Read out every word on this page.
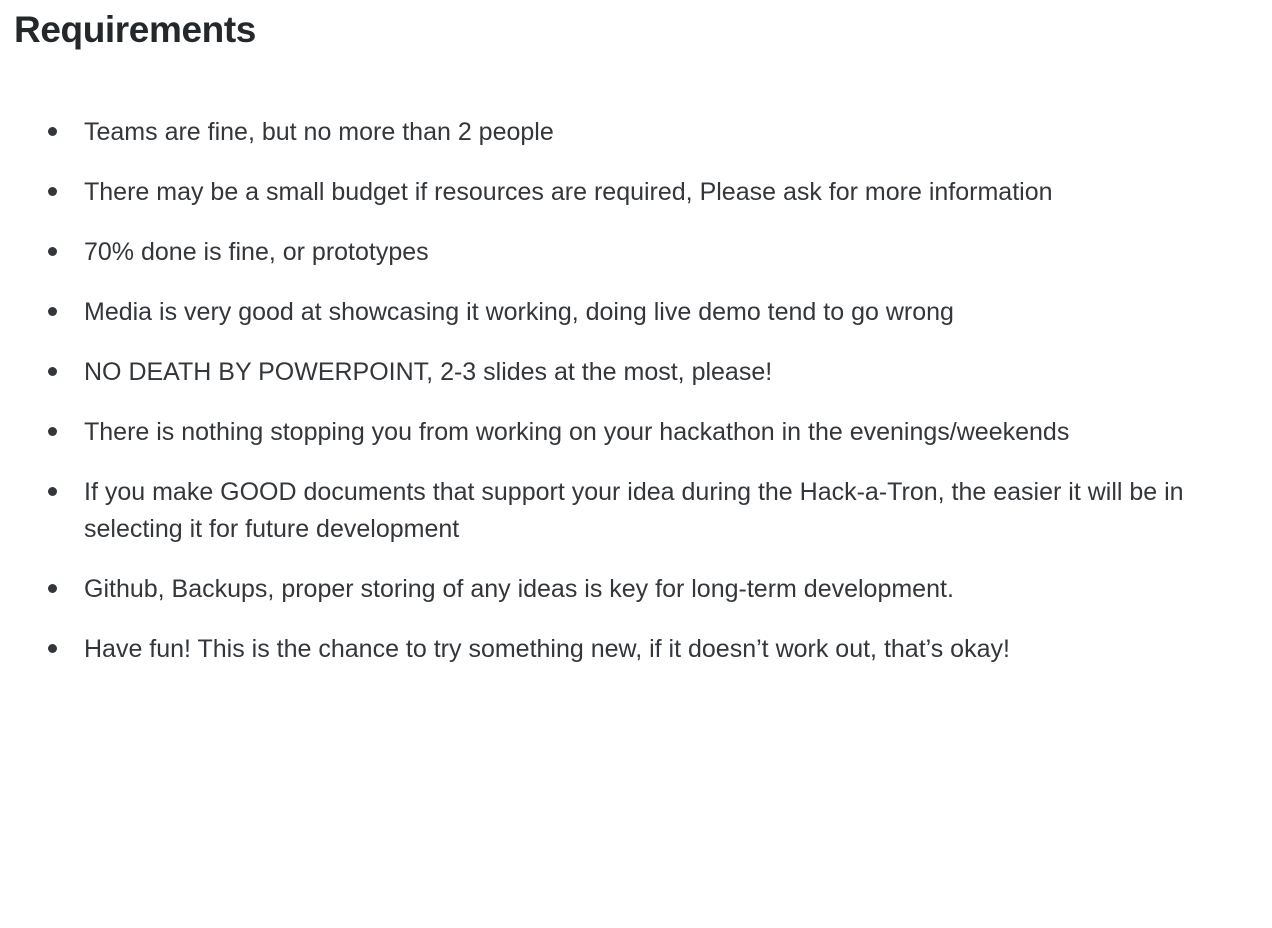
Requirements
Teams are fine, but no more than 2 people
There may be a small budget if resources are required, Please ask for more information
70% done is fine, or prototypes
Media is very good at showcasing it working, doing live demo tend to go wrong
NO DEATH BY POWERPOINT, 2-3 slides at the most, please!
There is nothing stopping you from working on your hackathon in the evenings/weekends
If you make GOOD documents that support your idea during the Hack-a-Tron, the easier it will be in selecting it for future development
Github, Backups, proper storing of any ideas is key for long-term development.
Have fun! This is the chance to try something new, if it doesn’t work out, that’s okay!
